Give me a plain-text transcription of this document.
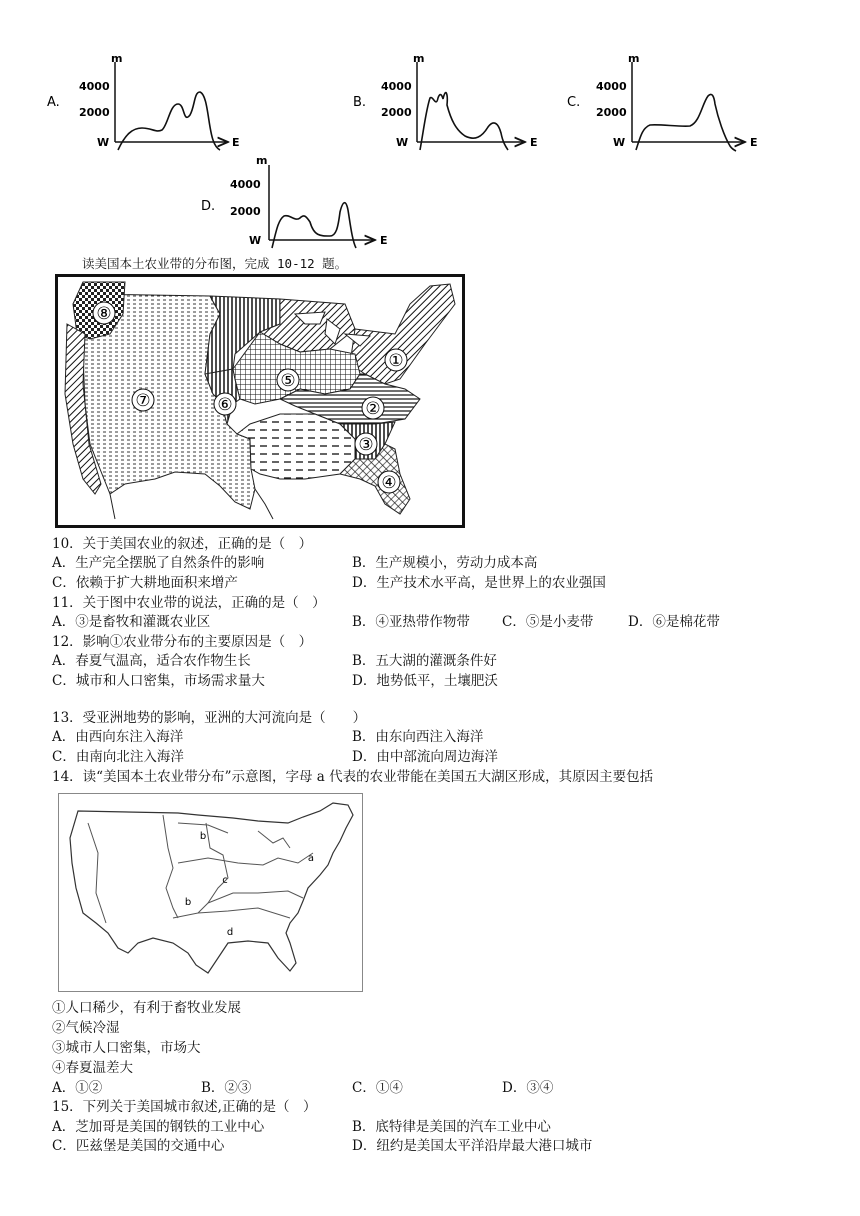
A.
m
4000
2000
W	E
B.
m
4000
2000
W	E
C.
m
4000
2000
W	E
D.
m
4000
2000
W	E
读美国本土农业带的分布图，完成 10-12 题。
①
②
③
④
⑤
⑥
⑦
⑧
10．关于美国农业的叙述，正确的是（　）
A．生产完全摆脱了自然条件的影响	B．生产规模小，劳动力成本高
C．依赖于扩大耕地面积来增产	D．生产技术水平高，是世界上的农业强国
11．关于图中农业带的说法，正确的是（　）
A．③是畜牧和灌溉农业区	B．④亚热带作物带 C．⑤是小麦带	D．⑥是棉花带
12．影响①农业带分布的主要原因是（　）
A．春夏气温高，适合农作物生长	B．五大湖的灌溉条件好
C．城市和人口密集，市场需求量大	D．地势低平，土壤肥沃
13．受亚洲地势的影响，亚洲的大河流向是（　　）
A．由西向东注入海洋	B．由东向西注入海洋
C．由南向北注入海洋	D．由中部流向周边海洋
14．读“美国本土农业带分布”示意图，字母 a 代表的农业带能在美国五大湖区形成，其原因主要包括
a
b
b
c
d
①人口稀少，有利于畜牧业发展
②气候冷湿
③城市人口密集，市场大
④春夏温差大
A．①②	B．②③	C．①④	D．③④
15．下列关于美国城市叙述,正确的是（　）
A．芝加哥是美国的钢铁的工业中心	B．底特律是美国的汽车工业中心
C．匹兹堡是美国的交通中心	D．纽约是美国太平洋沿岸最大港口城市
